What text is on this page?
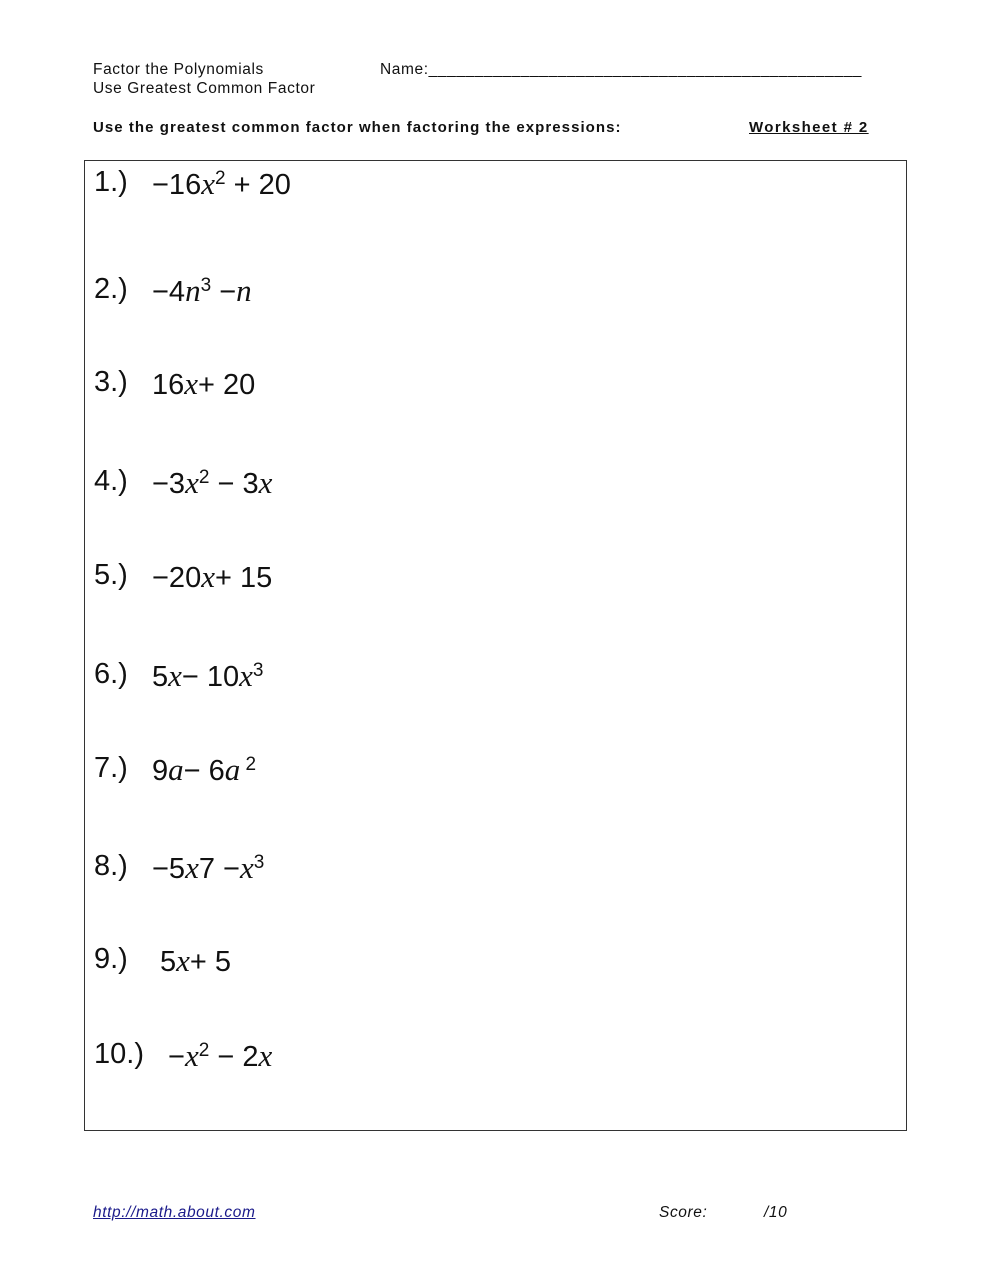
Factor the Polynomials
Use Greatest Common Factor
Name:_______________________________________________
Use the greatest common factor when factoring the expressions:	Worksheet # 2
$1.) -16x^2 + 20$
$2.) -4n^3 -n$
3.) 16x+ 20
$4.) -3x^2 - 3x$
5.) −20x+ 15
6.) $5x- 10x^3$
7.) 9a− 6a $^2$
$8.) -5x7 -x^3$
9.) 5x+ 5
$10.) -x^2 - 2x$
http://math.about.com	Score:	/10
